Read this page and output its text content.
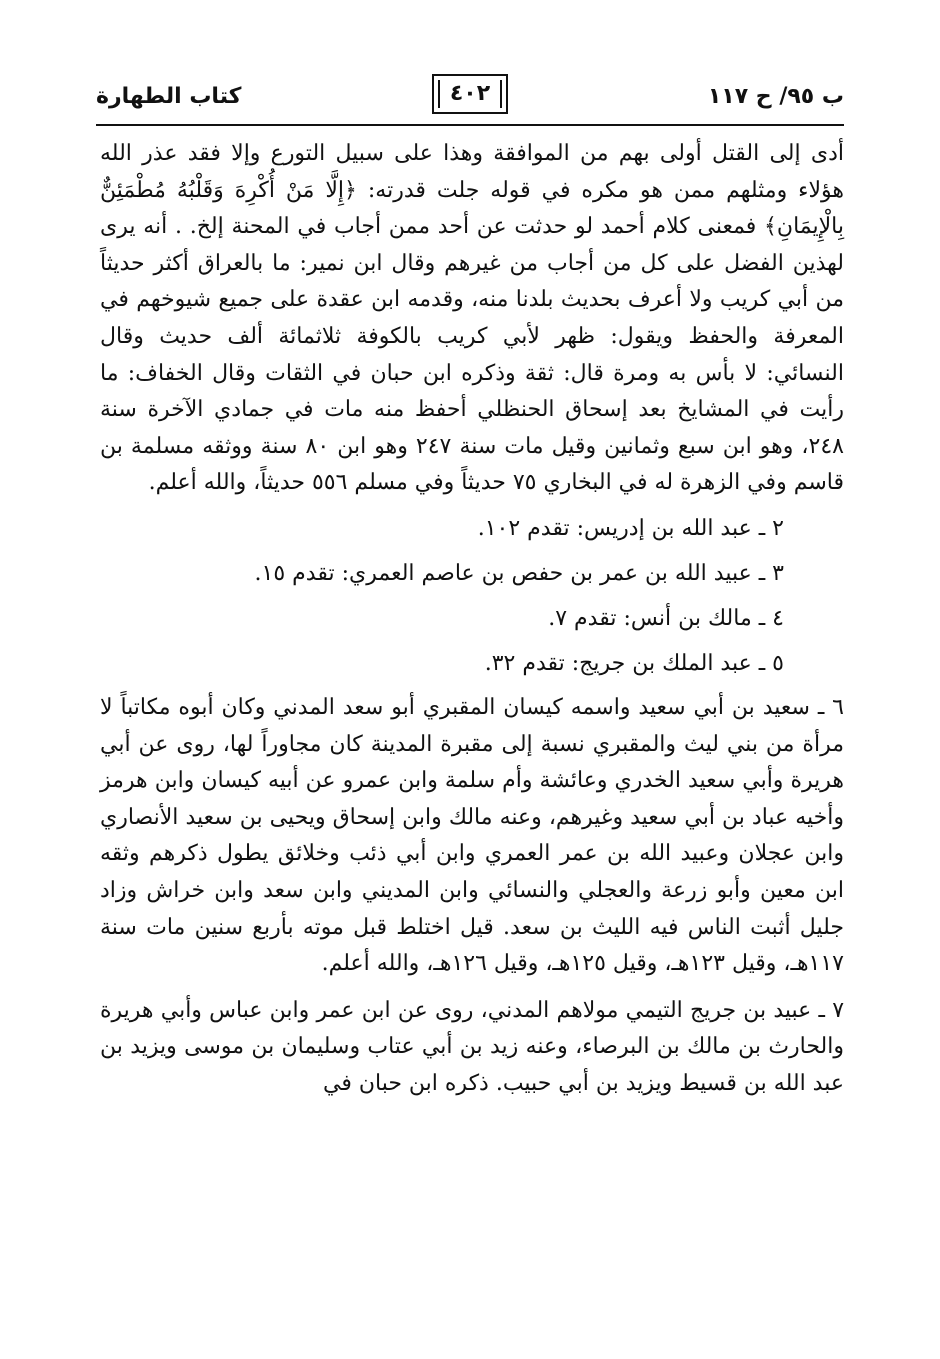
ب ٩٥/ ح ١١٧
٤٠٢
كتاب الطهارة

أدى إلى القتل أولى بهم من الموافقة وهذا على سبيل التورع وإلا فقد عذر الله هؤلاء ومثلهم ممن هو مكره في قوله جلت قدرته: ﴿إِلَّا مَنْ أُكْرِهَ وَقَلْبُهُ مُطْمَئِنٌّ بِالْإِيمَانِ﴾ فمعنى كلام أحمد لو حدثت عن أحد ممن أجاب في المحنة إلخ. . أنه يرى لهذين الفضل على كل من أجاب من غيرهم وقال ابن نمير: ما بالعراق أكثر حديثاً من أبي كريب ولا أعرف بحديث بلدنا منه، وقدمه ابن عقدة على جميع شيوخهم في المعرفة والحفظ ويقول: ظهر لأبي كريب بالكوفة ثلاثمائة ألف حديث وقال النسائي: لا بأس به ومرة قال: ثقة وذكره ابن حبان في الثقات وقال الخفاف: ما رأيت في المشايخ بعد إسحاق الحنظلي أحفظ منه مات في جمادي الآخرة سنة ٢٤٨، وهو ابن سبع وثمانين وقيل مات سنة ٢٤٧ وهو ابن ٨٠ سنة ووثقه مسلمة بن قاسم وفي الزهرة له في البخاري ٧٥ حديثاً وفي مسلم ٥٥٦ حديثاً، والله أعلم.

٢ ـ عبد الله بن إدريس: تقدم ١٠٢.

٣ ـ عبيد الله بن عمر بن حفص بن عاصم العمري: تقدم ١٥.

٤ ـ مالك بن أنس: تقدم ٧.

٥ ـ عبد الملك بن جريج: تقدم ٣٢.

٦ ـ سعيد بن أبي سعيد واسمه كيسان المقبري أبو سعد المدني وكان أبوه مكاتباً لا مرأة من بني ليث والمقبري نسبة إلى مقبرة المدينة كان مجاوراً لها، روى عن أبي هريرة وأبي سعيد الخدري وعائشة وأم سلمة وابن عمرو عن أبيه كيسان وابن هرمز وأخيه عباد بن أبي سعيد وغيرهم، وعنه مالك وابن إسحاق ويحيى بن سعيد الأنصاري وابن عجلان وعبيد الله بن عمر العمري وابن أبي ذئب وخلائق يطول ذكرهم وثقه ابن معين وأبو زرعة والعجلي والنسائي وابن المديني وابن سعد وابن خراش وزاد جليل أثبت الناس فيه الليث بن سعد. قيل اختلط قبل موته بأربع سنين مات سنة ١١٧هـ، وقيل ١٢٣هـ، وقيل ١٢٥هـ، وقيل ١٢٦هـ، والله أعلم.

٧ ـ عبيد بن جريج التيمي مولاهم المدني، روى عن ابن عمر وابن عباس وأبي هريرة والحارث بن مالك بن البرصاء، وعنه زيد بن أبي عتاب وسليمان بن موسى ويزيد بن عبد الله بن قسيط ويزيد بن أبي حبيب. ذكره ابن حبان في
